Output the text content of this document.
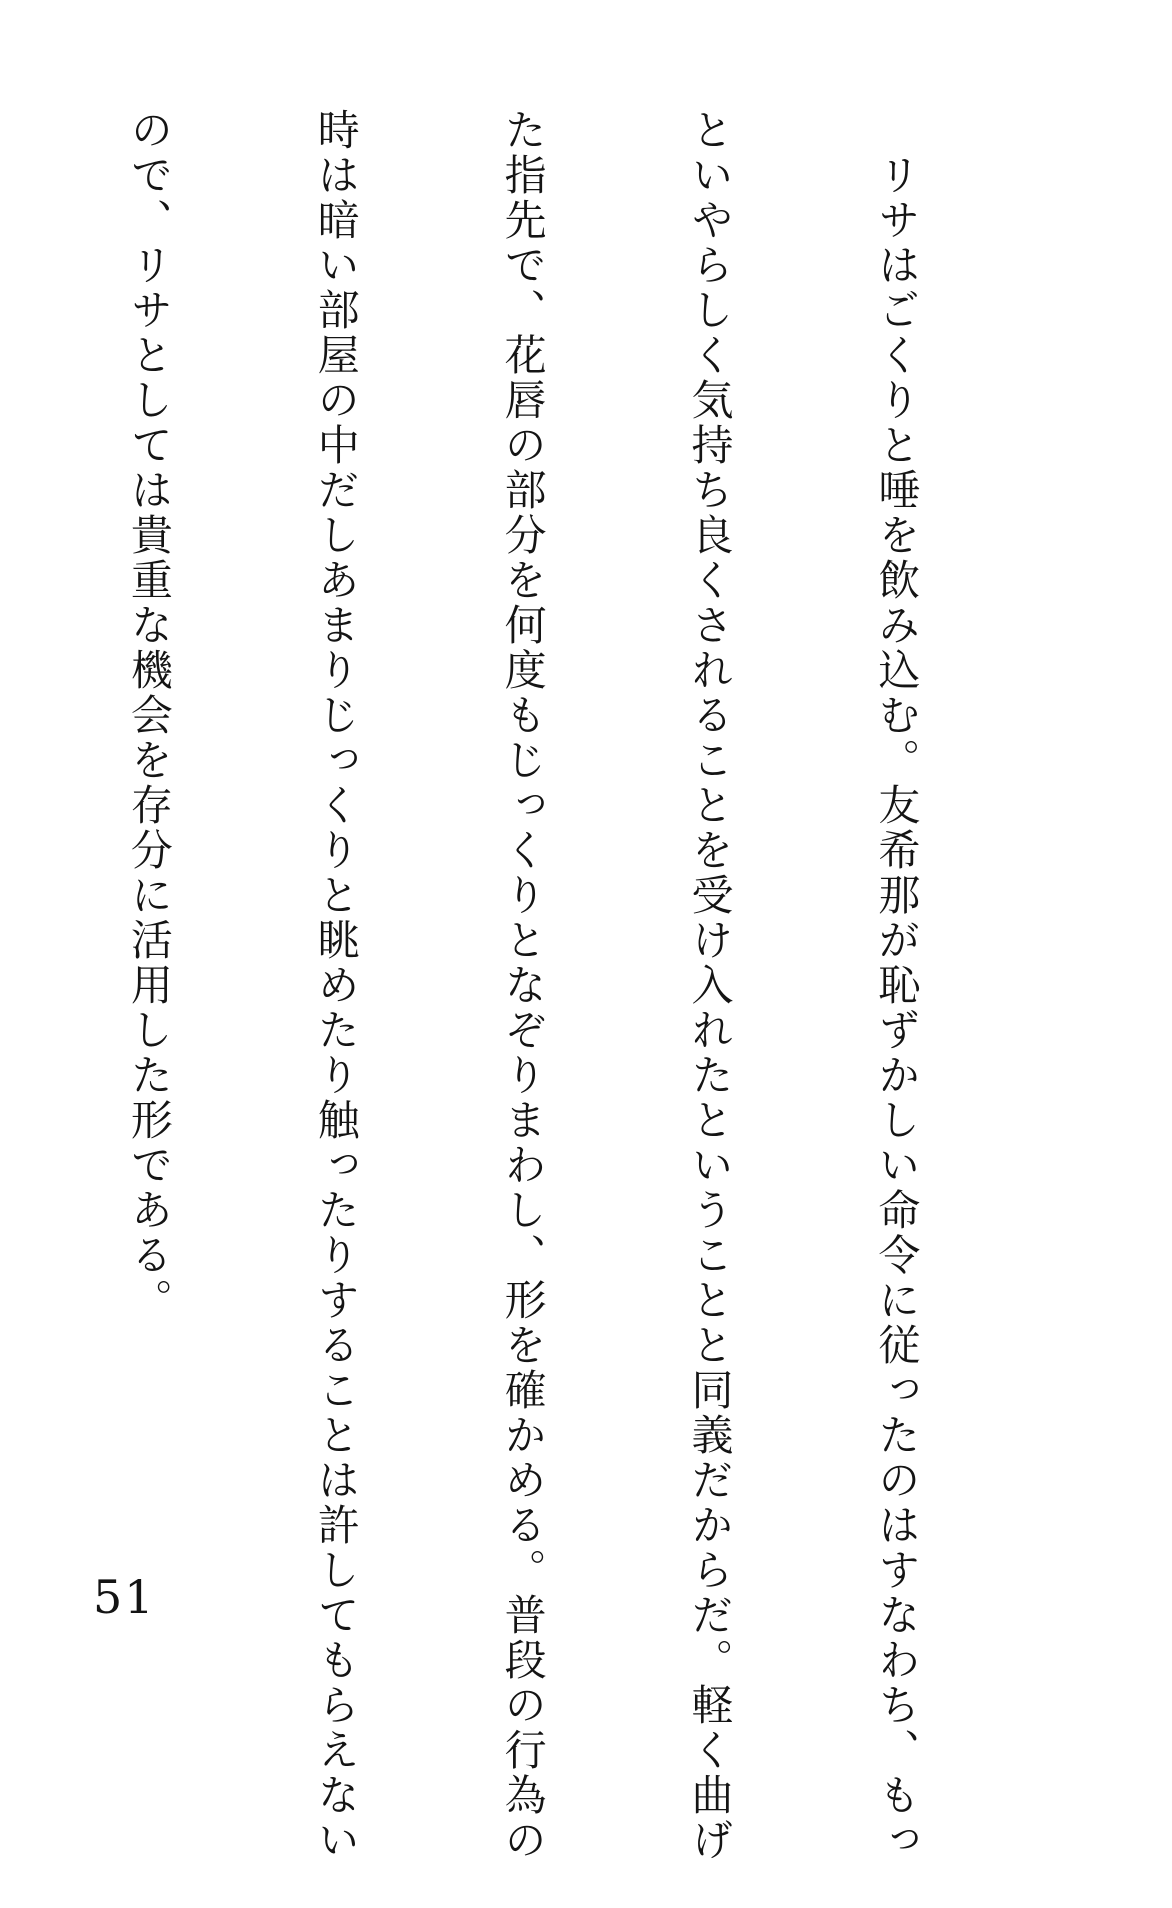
　リサはごくりと唾を飲み込む。友希那が恥ずかしい命令に従ったのはすなわち、もっ

といやらしく気持ち良くされることを受け入れたということと同義だからだ。軽く曲げ

た指先で、花唇の部分を何度もじっくりとなぞりまわし、形を確かめる。普段の行為の

時は暗い部屋の中だしあまりじっくりと眺めたり触ったりすることは許してもらえない

ので、リサとしては貴重な機会を存分に活用した形である。

51
